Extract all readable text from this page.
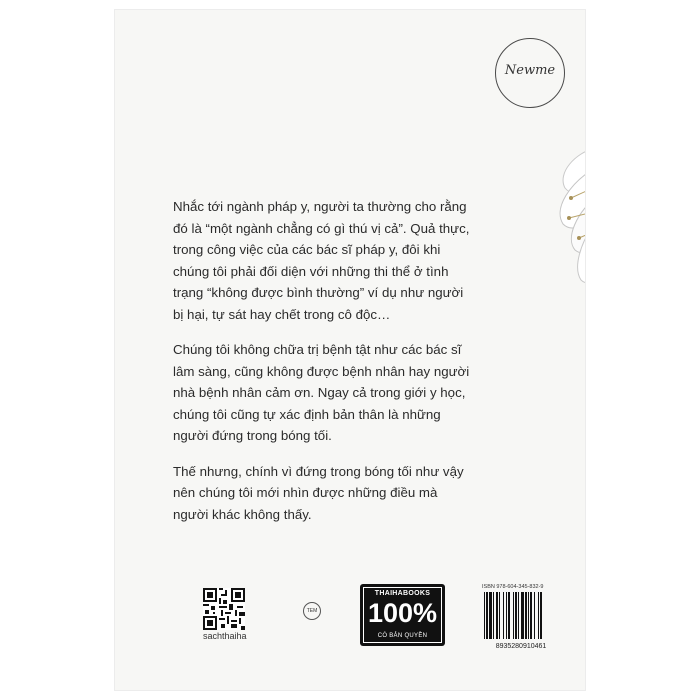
Newme

Nhắc tới ngành pháp y, người ta thường cho rằng đó là “một ngành chẳng có gì thú vị cả”. Quả thực, trong công việc của các bác sĩ pháp y, đôi khi chúng tôi phải đối diện với những thi thể ở tình trạng “không được bình thường” ví dụ như người bị hại, tự sát hay chết trong cô độc…

Chúng tôi không chữa trị bệnh tật như các bác sĩ lâm sàng, cũng không được bệnh nhân hay người nhà bệnh nhân cảm ơn. Ngay cả trong giới y học, chúng tôi cũng tự xác định bản thân là những người đứng trong bóng tối.

Thế nhưng, chính vì đứng trong bóng tối như vậy nên chúng tôi mới nhìn được những điều mà người khác không thấy.

sachthaiha
TEM
THAIHABOOKS
100%
CÓ BẢN QUYỀN
ISBN 978-604-345-832-9
8935280910461
